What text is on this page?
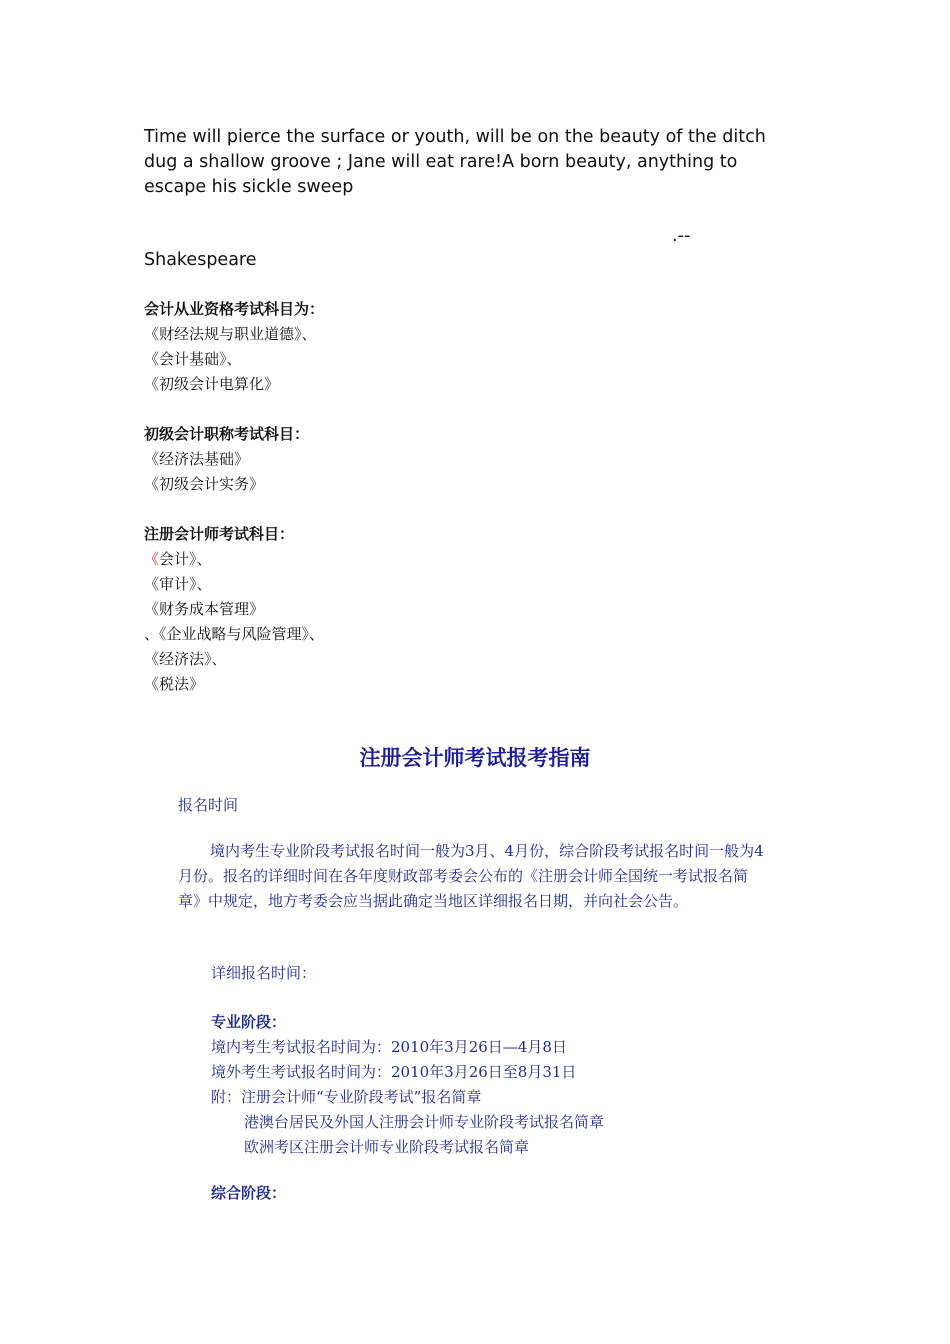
Time will pierce the surface or youth, will be on the beauty of the ditch dug a shallow groove ; Jane will eat rare!A born beauty, anything to escape his sickle sweep

.--
Shakespeare
会计从业资格考试科目为：
《财经法规与职业道德》、
《会计基础》、
《初级会计电算化》
初级会计职称考试科目：
《经济法基础》
《初级会计实务》
注册会计师考试科目：
《会计》、
《审计》、
《财务成本管理》
、《企业战略与风险管理》、
《经济法》、
《税法》
注册会计师考试报考指南
报名时间

境内考生专业阶段考试报名时间一般为3月、4月份，综合阶段考试报名时间一般为4月份。报名的详细时间在各年度财政部考委会公布的《注册会计师全国统一考试报名简章》中规定，地方考委会应当据此确定当地区详细报名日期，并向社会公告。

详细报名时间：
专业阶段：
境内考生考试报名时间为：2010年3月26日—4月8日
境外考生考试报名时间为：2010年3月26日至8月31日
附：注册会计师“专业阶段考试”报名简章
港澳台居民及外国人注册会计师专业阶段考试报名简章
欧洲考区注册会计师专业阶段考试报名简章
综合阶段：
